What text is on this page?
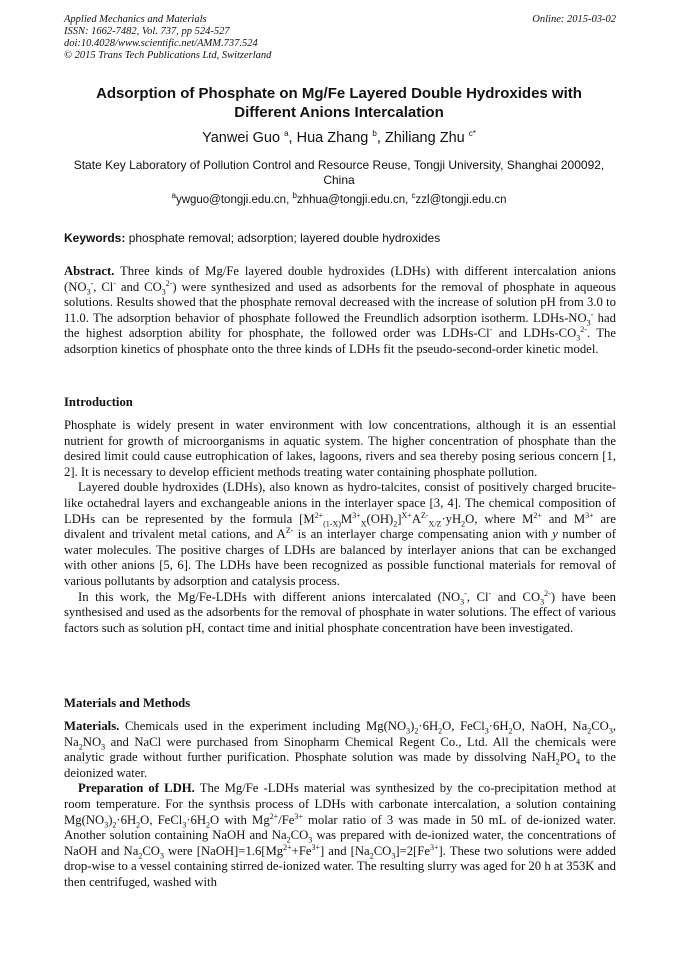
Applied Mechanics and Materials
ISSN: 1662-7482, Vol. 737, pp 524-527
doi:10.4028/www.scientific.net/AMM.737.524
© 2015 Trans Tech Publications Ltd, Switzerland
Online: 2015-03-02
Adsorption of Phosphate on Mg/Fe Layered Double Hydroxides with
Different Anions Intercalation
Yanwei Guo $^a$, Hua Zhang $^b$, Zhiliang Zhu $^{c*}$
State Key Laboratory of Pollution Control and Resource Reuse, Tongji University, Shanghai 200092,
China
$^a$ywguo@tongji.edu.cn, $^b$zhhua@tongji.edu.cn, $^c$zzl@tongji.edu.cn
Keywords: phosphate removal; adsorption; layered double hydroxides

Abstract. Three kinds of Mg/Fe layered double hydroxides (LDHs) with different intercalation anions ($NO_3^-$, Cl- and $CO_3^{2-}$) were synthesized and used as adsorbents for the removal of phosphate in aqueous solutions. Results showed that the phosphate removal decreased with the increase of solution pH from 3.0 to 11.0. The adsorption behavior of phosphate followed the Freundlich adsorption isotherm. LDHs-$NO_3^-$ had the highest adsorption ability for phosphate, the followed order was LDHs-Cl- and LDHs-$CO_3^{2-}$. The adsorption kinetics of phosphate onto the three kinds of LDHs fit the pseudo-second-order kinetic model.

Introduction

Phosphate is widely present in water environment with low concentrations, although it is an essential nutrient for growth of microorganisms in aquatic system. The higher concentration of phosphate than the desired limit could cause eutrophication of lakes, lagoons, rivers and sea thereby posing serious concern [1, 2]. It is necessary to develop efficient methods treating water containing phosphate pollution.

Layered double hydroxides (LDHs), also known as hydro-talcites, consist of positively charged brucite-like octahedral layers and exchangeable anions in the interlayer space [3, 4]. The chemical composition of LDHs can be represented by the formula $[M^{2+}_{(1-X)}M^{3+}_X(OH)_2]^{X+}A^{Z-}_{X/Z}\cdot yH_2O$, where $M^{2+}$ and $M^{3+}$ are divalent and trivalent metal cations, and $A^{Z-}$ is an interlayer charge compensating anion with y number of water molecules. The positive charges of LDHs are balanced by interlayer anions that can be exchanged with other anions [5, 6]. The LDHs have been recognized as possible functional materials for removal of various pollutants by adsorption and catalysis process.

In this work, the Mg/Fe-LDHs with different anions intercalated ($NO_3^-$, Cl- and $CO_3^{2-}$) have been synthesised and used as the adsorbents for the removal of phosphate in water solutions. The effect of various factors such as solution pH, contact time and initial phosphate concentration have been investigated.

Materials and Methods

Materials. Chemicals used in the experiment including $Mg(NO_3)_2\cdot 6H_2O$, $FeCl_3\cdot 6H_2O$, NaOH, $Na_2CO_3$, $Na_2NO_3$ and NaCl were purchased from Sinopharm Chemical Regent Co., Ltd. All the chemicals were analytic grade without further purification. Phosphate solution was made by dissolving $NaH_2PO_4$ to the deionized water.

Preparation of LDH. The Mg/Fe -LDHs material was synthesized by the co-precipitation method at room temperature. For the synthsis process of LDHs with carbonate intercalation, a solution containing $Mg(NO_3)_2\cdot 6H_2O$, $FeCl_3\cdot 6H_2O$ with $Mg^{2+}/Fe^{3+}$ molar ratio of 3 was made in 50 mL of de-ionized water. Another solution containing NaOH and $Na_2CO_3$ was prepared with de-ionized water, the concentrations of NaOH and $Na_2CO_3$ were $[NaOH]=1.6[Mg^{2+}+Fe^{3+}]$ and $[Na_2CO_3]=2[Fe^{3+}]$. These two solutions were added drop-wise to a vessel containing stirred de-ionized water. The resulting slurry was aged for 20 h at 353K and then centrifuged, washed with
